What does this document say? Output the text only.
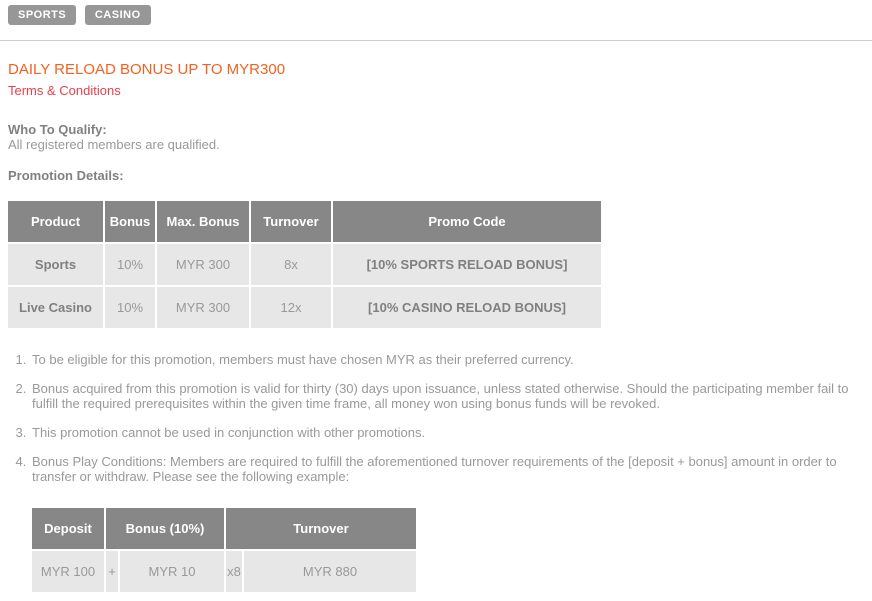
SPORTS	CASINO
DAILY RELOAD BONUS UP TO MYR300
Terms & Conditions
Who To Qualify:
All registered members are qualified.
Promotion Details:
Product	Bonus	Max. Bonus	Turnover	Promo Code
Sports	10%	MYR 300	8x	[10% SPORTS RELOAD BONUS]
Live Casino	10%	MYR 300	12x	[10% CASINO RELOAD BONUS]
1. To be eligible for this promotion, members must have chosen MYR as their preferred currency.
2. Bonus acquired from this promotion is valid for thirty (30) days upon issuance, unless stated otherwise. Should the participating member fail to fulfill the required prerequisites within the given time frame, all money won using bonus funds will be revoked.
3. This promotion cannot be used in conjunction with other promotions.
4. Bonus Play Conditions: Members are required to fulfill the aforementioned turnover requirements of the [deposit + bonus] amount in order to transfer or withdraw. Please see the following example:
Deposit	Bonus (10%)		Turnover	
MYR 100	+	MYR 10	x8	MYR 880
